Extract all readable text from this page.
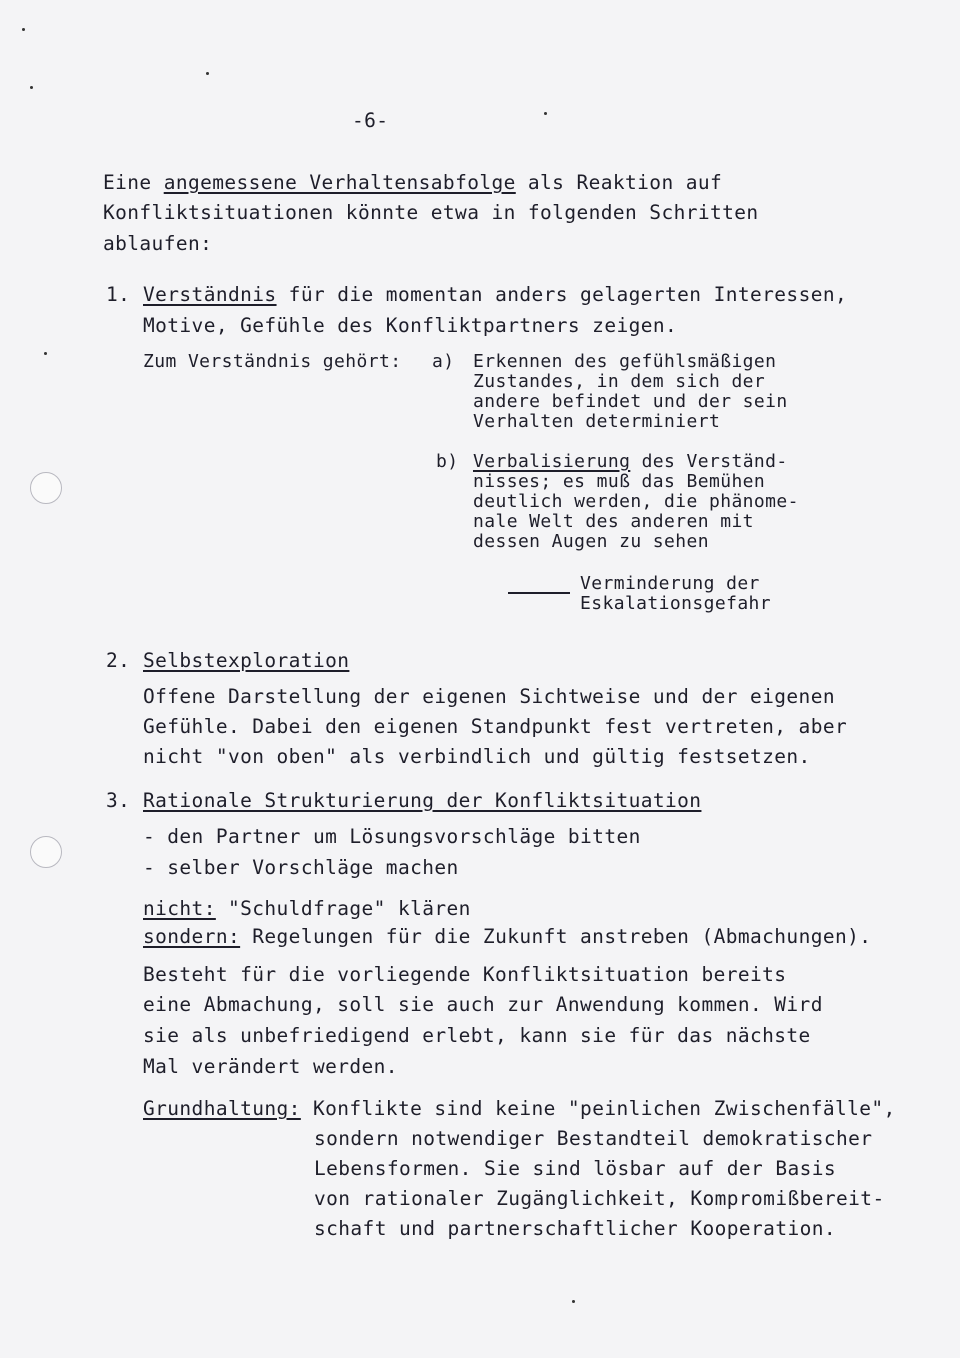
-6-
Eine angemessene Verhaltensabfolge als Reaktion auf
Konfliktsituationen könnte etwa in folgenden Schritten
ablaufen:
1. Verständnis für die momentan anders gelagerten Interessen,
Motive, Gefühle des Konfliktpartners zeigen.
Zum Verständnis gehört: a) Erkennen des gefühlsmäßigen
Zustandes, in dem sich der
andere befindet und der sein
Verhalten determiniert
b) Verbalisierung des Verständ-
nisses; es muß das Bemühen
deutlich werden, die phänome-
nale Welt des anderen mit
dessen Augen zu sehen
Verminderung der
Eskalationsgefahr
2. Selbstexploration
Offene Darstellung der eigenen Sichtweise und der eigenen
Gefühle. Dabei den eigenen Standpunkt fest vertreten, aber
nicht "von oben" als verbindlich und gültig festsetzen.
3. Rationale Strukturierung der Konfliktsituation
- den Partner um Lösungsvorschläge bitten
- selber Vorschläge machen
nicht: "Schuldfrage" klären
sondern: Regelungen für die Zukunft anstreben (Abmachungen).
Besteht für die vorliegende Konfliktsituation bereits
eine Abmachung, soll sie auch zur Anwendung kommen. Wird
sie als unbefriedigend erlebt, kann sie für das nächste
Mal verändert werden.
Grundhaltung: Konflikte sind keine "peinlichen Zwischenfälle",
sondern notwendiger Bestandteil demokratischer
Lebensformen. Sie sind lösbar auf der Basis
von rationaler Zugänglichkeit, Kompromißbereit-
schaft und partnerschaftlicher Kooperation.
